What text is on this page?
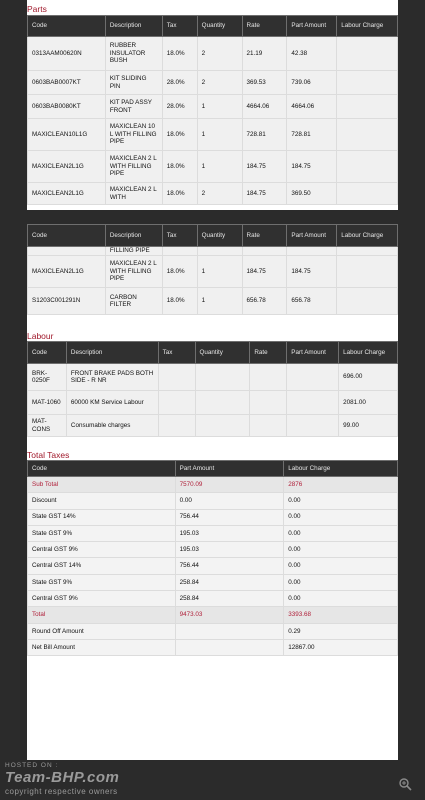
Parts
Code	Description	Tax	Quantity	Rate	Part Amount	Labour Charge
0313AAM00620N	RUBBER INSULATOR BUSH	18.0%	2	21.19	42.38	
0603BAB0007KT	KIT SLIDING PIN	28.0%	2	369.53	739.06	
0603BAB0080KT	KIT PAD ASSY FRONT	28.0%	1	4664.06	4664.06	
MAXICLEAN10L1G	MAXICLEAN 10 L WITH FILLING PIPE	18.0%	1	728.81	728.81	
MAXICLEAN2L1G	MAXICLEAN 2 L WITH FILLING PIPE	18.0%	1	184.75	184.75	
MAXICLEAN2L1G	MAXICLEAN 2 L WITH	18.0%	2	184.75	369.50	
Code	Description	Tax	Quantity	Rate	Part Amount	Labour Charge
	FILLING PIPE					
MAXICLEAN2L1G	MAXICLEAN 2 L WITH FILLING PIPE	18.0%	1	184.75	184.75	
S1203C001291N	CARBON FILTER	18.0%	1	656.78	656.78	
Labour
Code	Description	Tax	Quantity	Rate	Part Amount	Labour Charge
BRK-0250F	FRONT BRAKE PADS BOTH SIDE - R NR					696.00
MAT-1060	60000 KM Service Labour					2081.00
MAT-CONS	Consumable charges					99.00
Total Taxes
Code	Part Amount	Labour Charge
Sub Total	7570.09	2876
Discount	0.00	0.00
State GST 14%	756.44	0.00
State GST 9%	195.03	0.00
Central GST 9%	195.03	0.00
Central GST 14%	756.44	0.00
State GST 9%	258.84	0.00
Central GST 9%	258.84	0.00
Total	9473.03	3393.68
Round Off Amount		0.29
Net Bill Amount		12867.00
HOSTED ON :
Team-BHP.com
copyright respective owners
